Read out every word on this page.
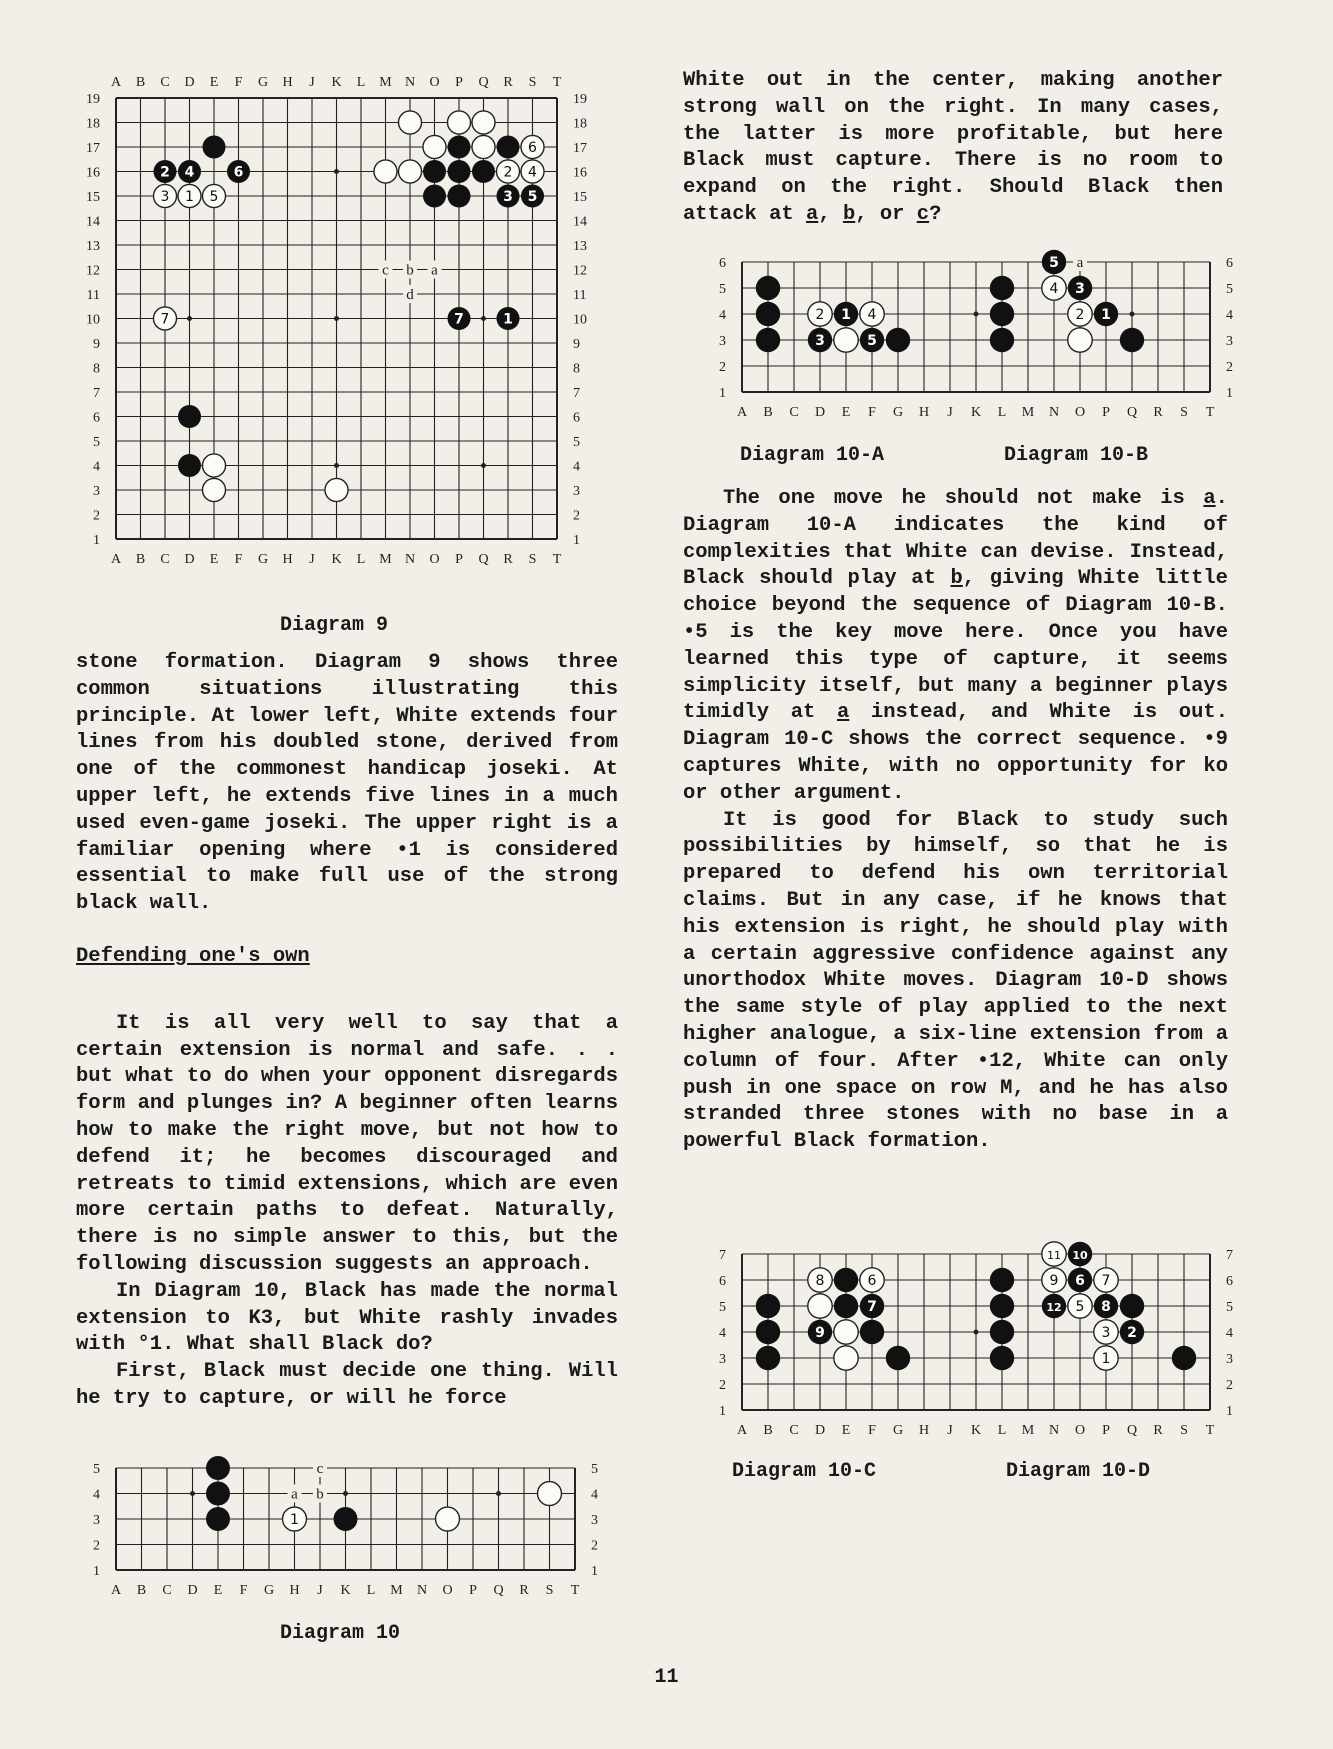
A B C D E F G H J K L M N O P Q R S T
A B C D E F G H J K L M N O P Q R S T
1	1
2	2
3	3
4	4
5	5
6	6
7	7
8	8
9	9
10	10
11	11
12	12
13	13
14	14
15	15
16	16
17	17
18	18
19	19
c b a
d
2 4	6
3 5
7	1
3 1 5
7
6
2 4
Diagram 9

stone formation. Diagram 9 shows three common situations illustrating this principle. At lower left, White extends four lines from his doubled stone, derived from one of the commonest handicap joseki. At upper left, he extends five lines in a much used even-game joseki. The upper right is a familiar opening where •1 is considered essential to make full use of the strong black wall.

Defending one's own

It is all very well to say that a certain extension is normal and safe. . . but what to do when your opponent disregards form and plunges in? A beginner often learns how to make the right move, but not how to defend it; he becomes discouraged and retreats to timid extensions, which are even more certain paths to defeat. Naturally, there is no simple answer to this, but the following discussion suggests an approach.

In Diagram 10, Black has made the normal extension to K3, but White rashly invades with °1. What shall Black do?

First, Black must decide one thing. Will he try to capture, or will he force

A B C D E F G H J K L M N O P Q R S T
1	1
2	2
3	3
4	4
5	5
c
a b
1
Diagram 10

White out in the center, making another strong wall on the right. In many cases, the latter is more profitable, but here Black must capture. There is no room to expand on the right. Should Black then attack at a, b, or c?

A B C D E F G H J K L M N O P Q R S T
1	1
2	2
3	3
4	4
5	5
6	6
a
1
3	5
1
3
5
2	4	2
4
Diagram 10-A	Diagram 10-B

The one move he should not make is a. Diagram 10-A indicates the kind of complexities that White can devise. Instead, Black should play at b, giving White little choice beyond the sequence of Diagram 10-B. •5 is the key move here. Once you have learned this type of capture, it seems simplicity itself, but many a beginner plays timidly at a instead, and White is out. Diagram 10-C shows the correct sequence. •9 captures White, with no opportunity for ko or other argument.

It is good for Black to study such possibilities by himself, so that he is prepared to defend his own territorial claims. But in any case, if he knows that his extension is right, he should play with a certain aggressive confidence against any unorthodox White moves. Diagram 10-D shows the same style of play applied to the next higher analogue, a six-line extension from a column of four. After •12, White can only push in one space on row M, and he has also stranded three stones with no base in a powerful Black formation.

A B C D E F G H J K L M N O P Q R S T
1	1
2	2
3	3
4	4
5	5
6	6
7	7
7
9
10
6
12	8
2
8	6
11
9	7
5
3
1
Diagram 10-C	Diagram 10-D
11
